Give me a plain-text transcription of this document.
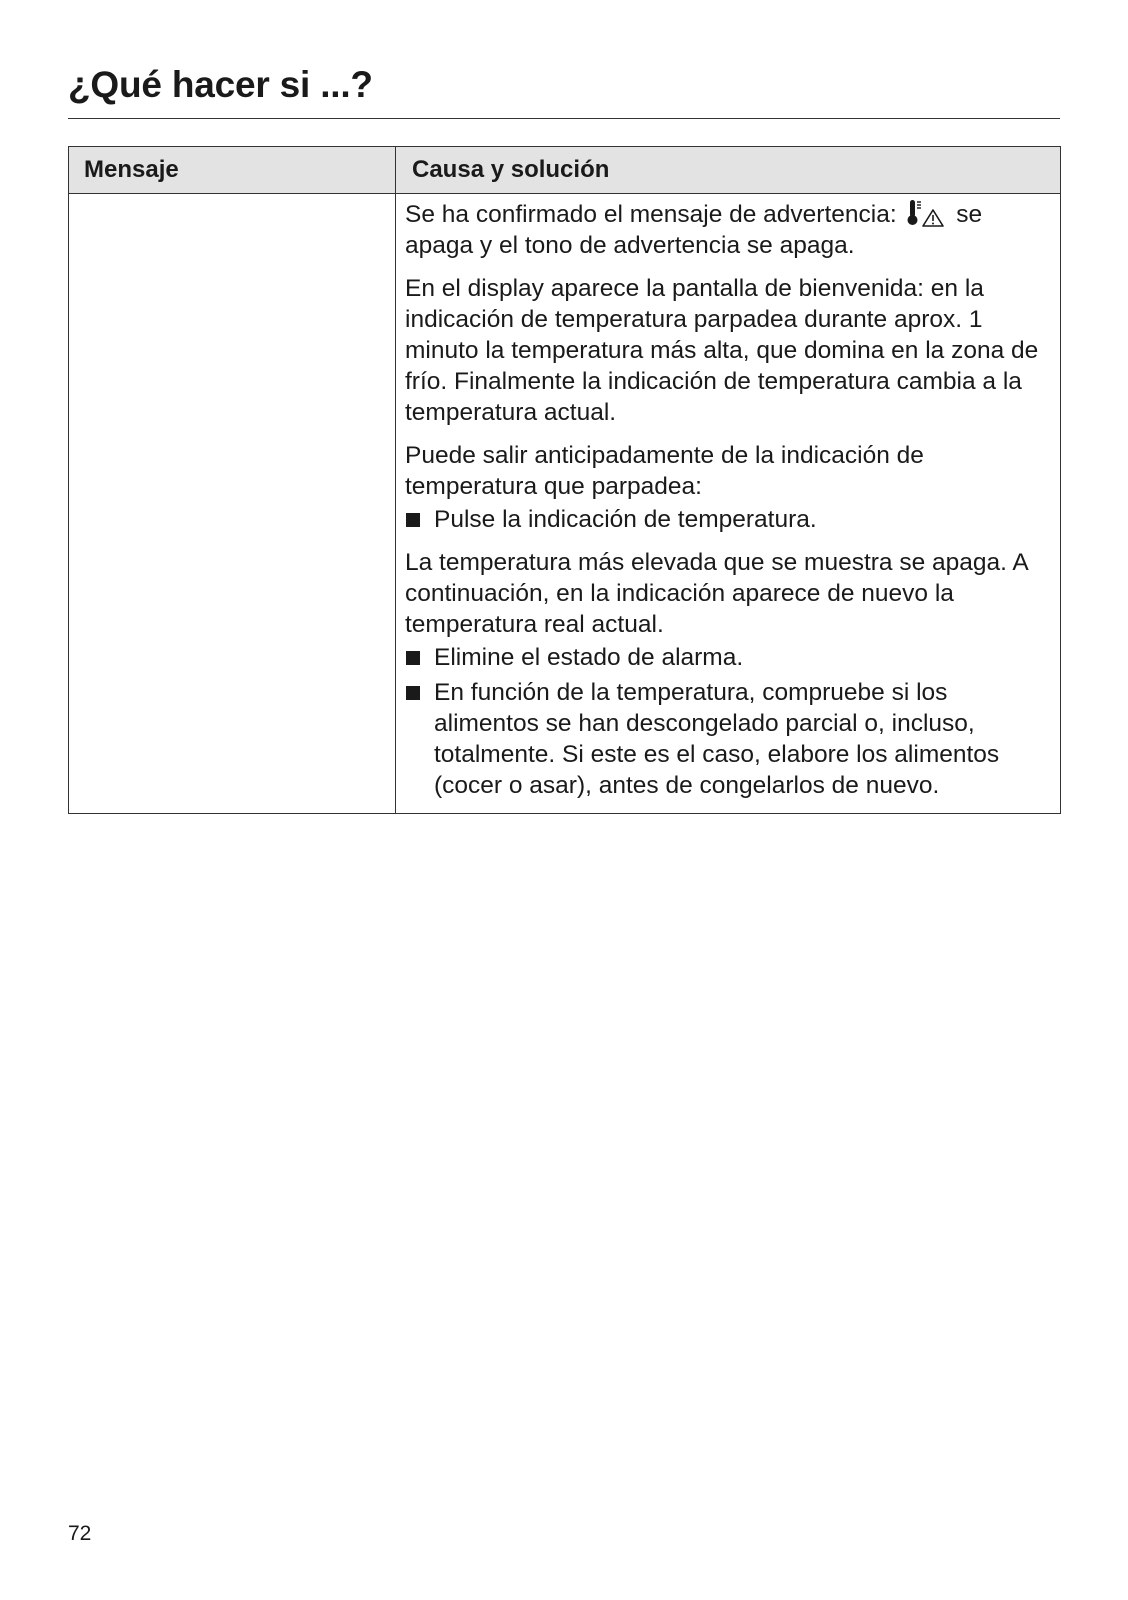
¿Qué hacer si ...?
Mensaje	Causa y solución

Se ha confirmado el mensaje de advertencia: se apaga y el tono de advertencia se apaga.

En el display aparece la pantalla de bienvenida: en la indicación de temperatura parpadea durante aprox. 1 minuto la temperatura más alta, que domina en la zona de frío. Finalmente la indicación de temperatura cambia a la temperatura actual.

Puede salir anticipadamente de la indicación de temperatura que parpadea:

Pulse la indicación de temperatura.

La temperatura más elevada que se muestra se apaga. A continuación, en la indicación aparece de nuevo la temperatura real actual.

Elimine el estado de alarma.
En función de la temperatura, compruebe si los alimentos se han descongelado parcial o, incluso, totalmente. Si este es el caso, elabore los alimentos (cocer o asar), antes de congelarlos de nuevo.
72
